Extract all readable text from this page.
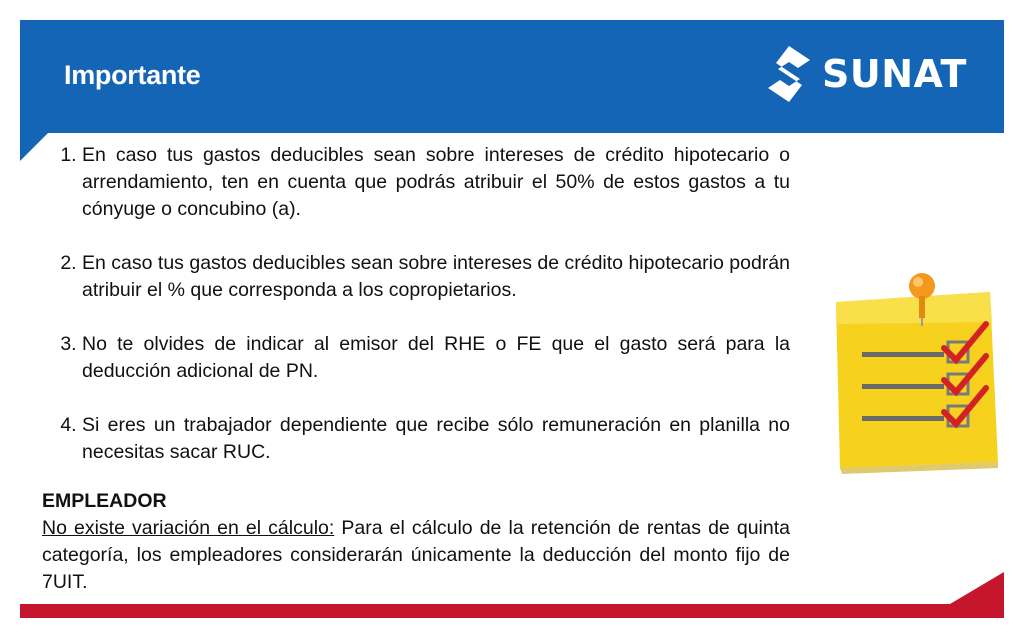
Importante	SUNAT
1. En caso tus gastos deducibles sean sobre intereses de crédito hipotecario o arrendamiento, ten en cuenta que podrás atribuir el 50% de estos gastos a tu cónyuge o concubino (a).
2. En caso tus gastos deducibles sean sobre intereses de crédito hipotecario podrán atribuir el % que corresponda a los copropietarios.
3. No te olvides de indicar al emisor del RHE o FE que el gasto será para la deducción adicional de PN.
4. Si eres un trabajador dependiente que recibe sólo remuneración en planilla no necesitas sacar RUC.

EMPLEADOR

No existe variación en el cálculo: Para el cálculo de la retención de rentas de quinta categoría, los empleadores considerarán únicamente la deducción del monto fijo de 7UIT.
